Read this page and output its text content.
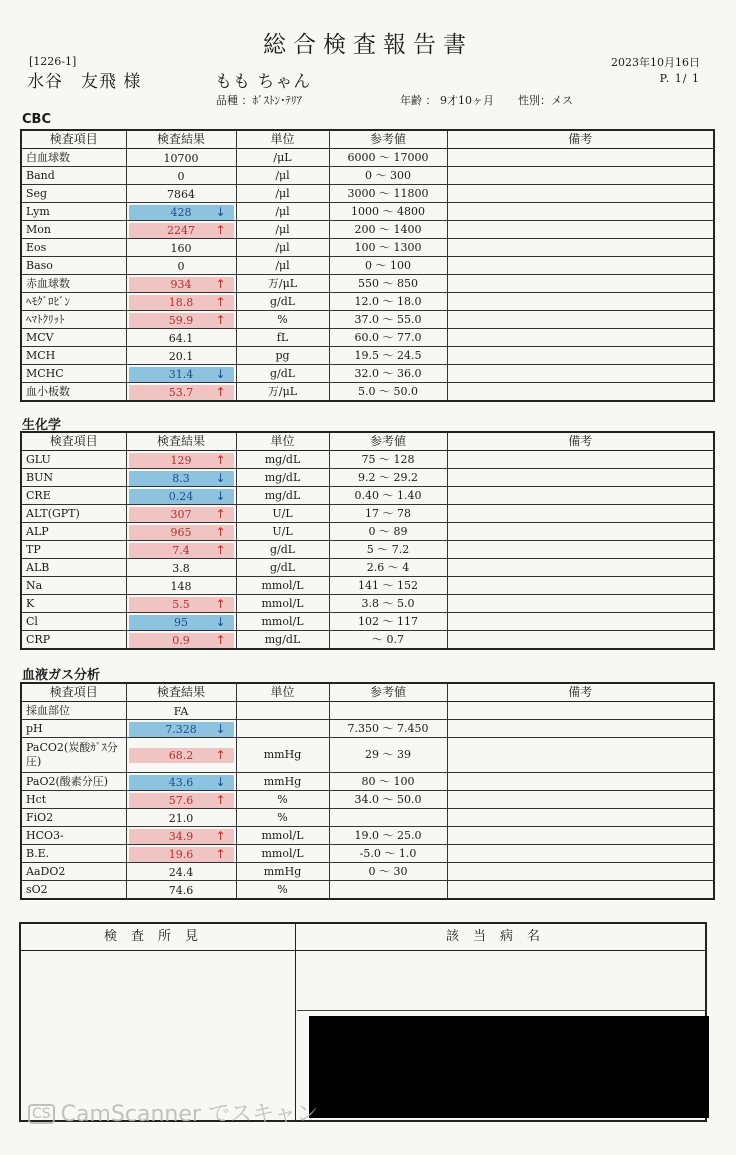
総合検査報告書
2023年10月16日
P. 1/ 1
[1226-1]
水谷　友飛 様	もも ちゃん
品種 ：ﾎﾞｽﾄﾝ･ﾃﾘｱ	年齢 ： 9才10ヶ月 性別：メス
CBC
検査項目	検査結果	単位	参考値	備考
白血球数	10700	/μL	6000 ～ 17000	
Band	0	/μl	0 ～ 300	
Seg	7864	/μl	3000 ～ 11800	
Lym	428 ↓	/μl	1000 ～ 4800	
Mon	2247 ↑	/μl	200 ～ 1400	
Eos	160	/μl	100 ～ 1300	
Baso	0	/μl	0 ～ 100	
赤血球数	934 ↑	万/μL	550 ～ 850	
ﾍﾓｸﾞﾛﾋﾞﾝ	18.8 ↑	g/dL	12.0 ～ 18.0	
ﾍﾏﾄｸﾘｯﾄ	59.9 ↑	%	37.0 ～ 55.0	
MCV	64.1	fL	60.0 ～ 77.0	
MCH	20.1	pg	19.5 ～ 24.5	
MCHC	31.4 ↓	g/dL	32.0 ～ 36.0	
血小板数	53.7 ↑	万/μL	5.0 ～ 50.0	
生化学
検査項目	検査結果	単位	参考値	備考
GLU	129 ↑	mg/dL	75 ～ 128	
BUN	8.3 ↓	mg/dL	9.2 ～ 29.2	
CRE	0.24 ↓	mg/dL	0.40 ～ 1.40	
ALT(GPT)	307 ↑	U/L	17 ～ 78	
ALP	965 ↑	U/L	0 ～ 89	
TP	7.4 ↑	g/dL	5 ～ 7.2	
ALB	3.8	g/dL	2.6 ～ 4	
Na	148	mmol/L	141 ～ 152	
K	5.5 ↑	mmol/L	3.8 ～ 5.0	
Cl	95 ↓	mmol/L	102 ～ 117	
CRP	0.9 ↑	mg/dL	～ 0.7	
血液ガス分析
検査項目	検査結果	単位	参考値	備考
採血部位	FA			

pH	7.328 ↓		7.350 ～ 7.450	
PaCO2(炭酸ｶﾞｽ分圧)	68.2 ↑	mmHg	29 ～ 39	
PaO2(酸素分圧)	43.6 ↓	mmHg	80 ～ 100	
Hct	57.6 ↑	%	34.0 ～ 50.0	
FiO2	21.0	%		
HCO3-	34.9 ↑	mmol/L	19.0 ～ 25.0	
B.E.	19.6 ↑	mmol/L	-5.0 ～ 1.0	
AaDO2	24.4	mmHg	0 ～ 30	
sO2	74.6	%		
検査所見	該当病名
CS CamScanner でスキャン
